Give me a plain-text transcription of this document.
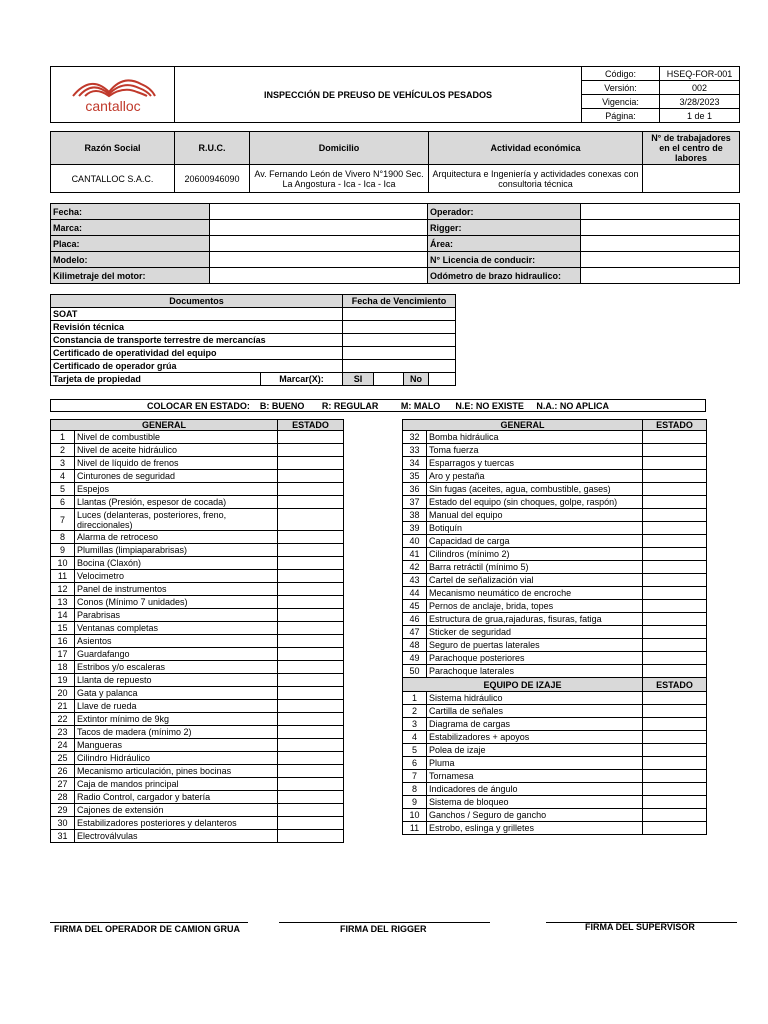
cantalloc	INSPECCIÓN DE PREUSO DE VEHÍCULOS PESADOS	Código:	HSEQ-FOR-001
		Versión:	002
		Vigencia:	3/28/2023
		Página:	1 de 1
Razón Social	R.U.C.	Domicilio	Actividad económica	N° de trabajadores en el centro de labores
CANTALLOC S.A.C.	20600946090	Av. Fernando León de Vivero N°1900 Sec. La Angostura - Ica - Ica - Ica	Arquitectura e Ingeniería y actividades conexas con consultoria técnica	
Fecha:		Operador:	
Marca:		Rigger:	
Placa:		Área:	
Modelo:		N° Licencia de conducir:	
Kilimetraje del motor:		Odómetro de brazo hidraulico:	
Documentos		Fecha de Vencimiento			
SOAT					
Revisión técnica					
Constancia de transporte terrestre de mercancías					
Certificado de operatividad del equipo					
Certificado de operador grúa					
Tarjeta de propiedad	Marcar(X):	SI		No	
COLOCAR EN ESTADO:    B: BUENO       R: REGULAR         M: MALO      N.E: NO EXISTE     N.A.: NO APLICA
GENERAL		ESTADO
1	Nivel de combustible	
2	Nivel de aceite hidráulico	
3	Nivel de líquido de frenos	
4	Cinturones de seguridad	
5	Espejos	
6	Llantas (Presión, espesor de cocada)	
7	Luces (delanteras, posteriores, freno, direccionales)	
8	Alarma de retroceso	
9	Plumillas (limpiaparabrisas)	
10	Bocina (Claxón)	
11	Velocimetro	
12	Panel de instrumentos	
13	Conos (Mínimo 7 unidades)	
14	Parabrisas	
15	Ventanas completas	
16	Asientos	
17	Guardafango	
18	Estribos y/o escaleras	
19	Llanta de repuesto	
20	Gata y palanca	
21	Llave de rueda	
22	Extintor mínimo de 9kg	
23	Tacos de madera (mínimo 2)	
24	Mangueras	
25	Cilindro Hidráulico	
26	Mecanismo articulación, pines bocinas	
27	Caja de mandos principal	
28	Radio Control, cargador y batería	
29	Cajones de extensión	
30	Estabilizadores posteriores y delanteros	
31	Electroválvulas	
GENERAL		ESTADO
32	Bomba hidráulica	
33	Toma fuerza	
34	Esparragos y tuercas	
35	Aro y pestaña	
36	Sin fugas (aceites, agua, combustible, gases)	
37	Estado del equipo (sin choques, golpe, raspón)	
38	Manual del equipo	
39	Botiquín	
40	Capacidad de carga	
41	Cilindros (mínimo 2)	
42	Barra retráctil (mínimo 5)	
43	Cartel de señalización vial	
44	Mecanismo neumático de encroche	
45	Pernos de anclaje, brida, topes	
46	Estructura de grua,rajaduras, fisuras, fatiga	
47	Sticker de seguridad	
48	Seguro de puertas laterales	
49	Parachoque posteriores	
50	Parachoque laterales	
EQUIPO DE IZAJE		ESTADO
1	Sistema hidráulico	
2	Cartilla de señales	
3	Diagrama de cargas	
4	Estabilizadores + apoyos	
5	Polea de izaje	
6	Pluma	
7	Tornamesa	
8	Indicadores de ángulo	
9	Sistema de bloqueo	
10	Ganchos / Seguro de gancho	
11	Estrobo, eslinga y grilletes	
FIRMA DEL OPERADOR DE CAMION GRUA	FIRMA DEL RIGGER	FIRMA DEL SUPERVISOR
